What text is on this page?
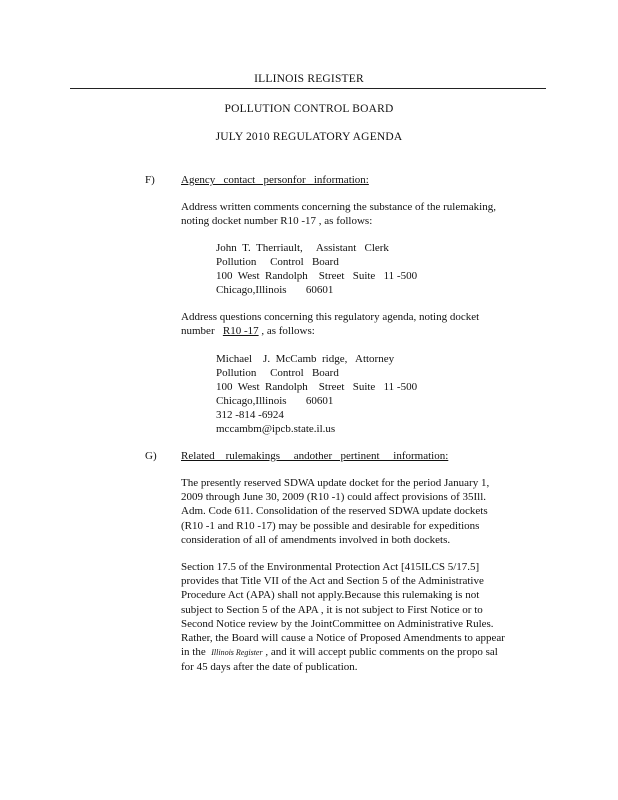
ILLINOIS REGISTER
POLLUTION CONTROL BOARD
JULY 2010 REGULATORY AGENDA
F) Agency   contact   personfor   information:
Address written comments concerning the substance of the rulemaking,
noting docket number R10 -17 , as follows:
John  T.  Therriault,     Assistant   Clerk
Pollution     Control   Board
100  West  Randolph    Street   Suite   11 -500
Chicago,Illinois       60601
Address questions concerning this regulatory agenda, noting docket
number R10 -17 , as follows:
Michael    J.  McCamb  ridge,   Attorney
Pollution     Control   Board
100  West  Randolph    Street   Suite   11 -500
Chicago,Illinois       60601
312 -814 -6924
mccambm@ipcb.state.il.us
G) Related    rulemakings     andother   pertinent     information:
The presently reserved SDWA update docket for the period January 1,
2009 through June 30, 2009 (R10 -1) could affect provisions of 35Ill.
Adm. Code 611. Consolidation of the reserved SDWA update dockets
(R10 -1 and R10 -17) may be possible and desirable for expeditions
consideration of all of amendments involved in both dockets.
Section 17.5 of the Environmental Protection Act [415ILCS 5/17.5]
provides that Title VII of the Act and Section 5 of the Administrative
Procedure Act (APA) shall not apply.Because this rulemaking is not
subject to Section 5 of the APA , it is not subject to First Notice or to
Second Notice review by the JointCommittee on Administrative Rules.
Rather, the Board will cause a Notice of Proposed Amendments to appear
in the Illinois Register , and it will accept public comments on the propo sal
for 45 days after the date of publication.
